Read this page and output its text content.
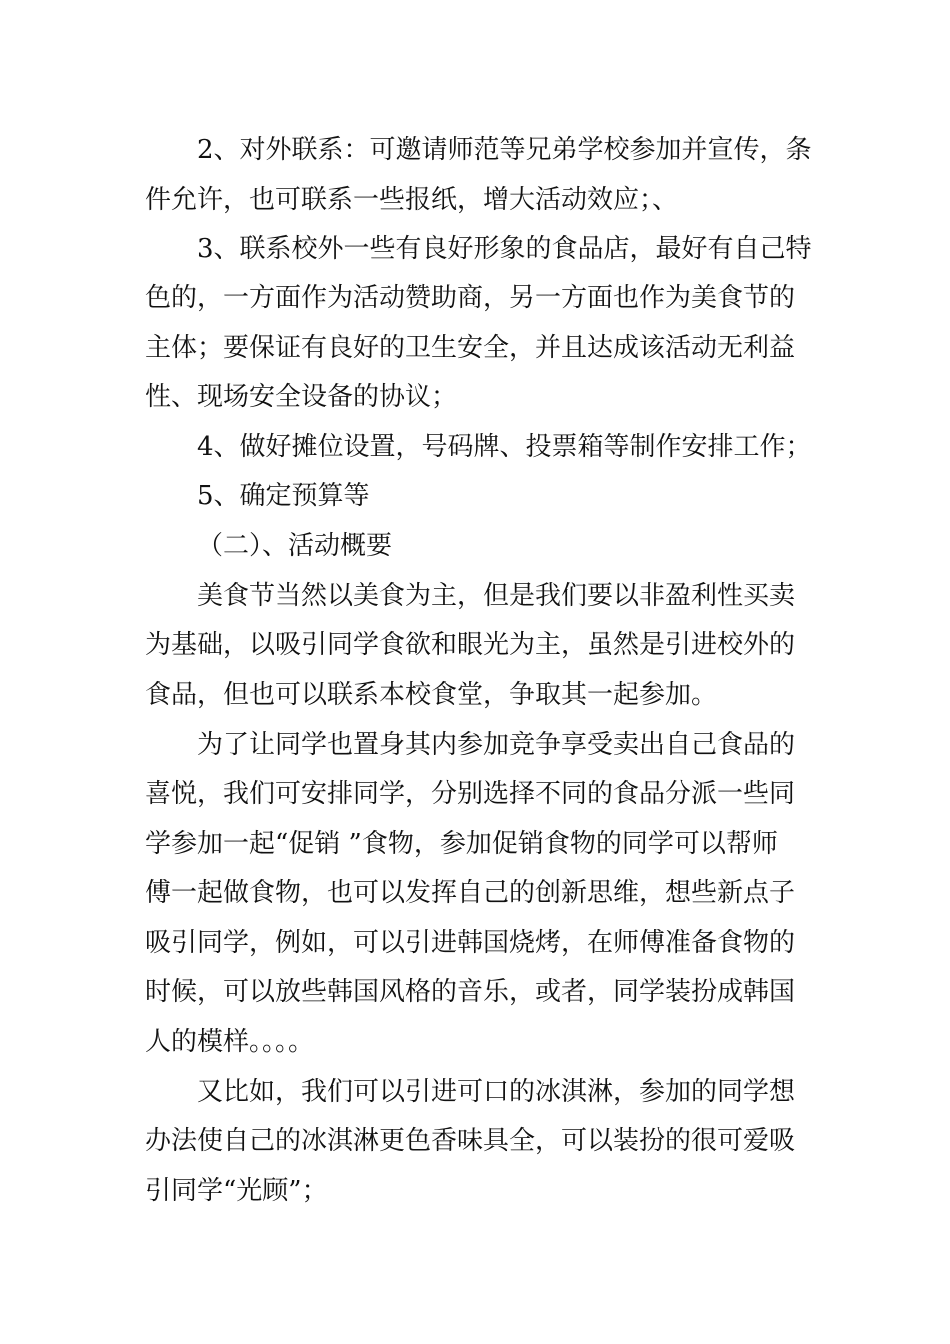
2、对外联系：可邀请师范等兄弟学校参加并宣传，条
件允许，也可联系一些报纸，增大活动效应；、
3、联系校外一些有良好形象的食品店，最好有自己特
色的，一方面作为活动赞助商，另一方面也作为美食节的
主体；要保证有良好的卫生安全，并且达成该活动无利益
性、现场安全设备的协议；
4、做好摊位设置，号码牌、投票箱等制作安排工作；
5、确定预算等
（二）、活动概要
美食节当然以美食为主，但是我们要以非盈利性买卖
为基础，以吸引同学食欲和眼光为主，虽然是引进校外的
食品，但也可以联系本校食堂，争取其一起参加。
为了让同学也置身其内参加竞争享受卖出自己食品的
喜悦，我们可安排同学，分别选择不同的食品分派一些同
学参加一起“促销 ”食物，参加促销食物的同学可以帮师
傅一起做食物，也可以发挥自己的创新思维，想些新点子
吸引同学，例如，可以引进韩国烧烤，在师傅准备食物的
时候，可以放些韩国风格的音乐，或者，同学装扮成韩国
人的模样。。。。
又比如，我们可以引进可口的冰淇淋，参加的同学想
办法使自己的冰淇淋更色香味具全，可以装扮的很可爱吸
引同学“光顾”；
